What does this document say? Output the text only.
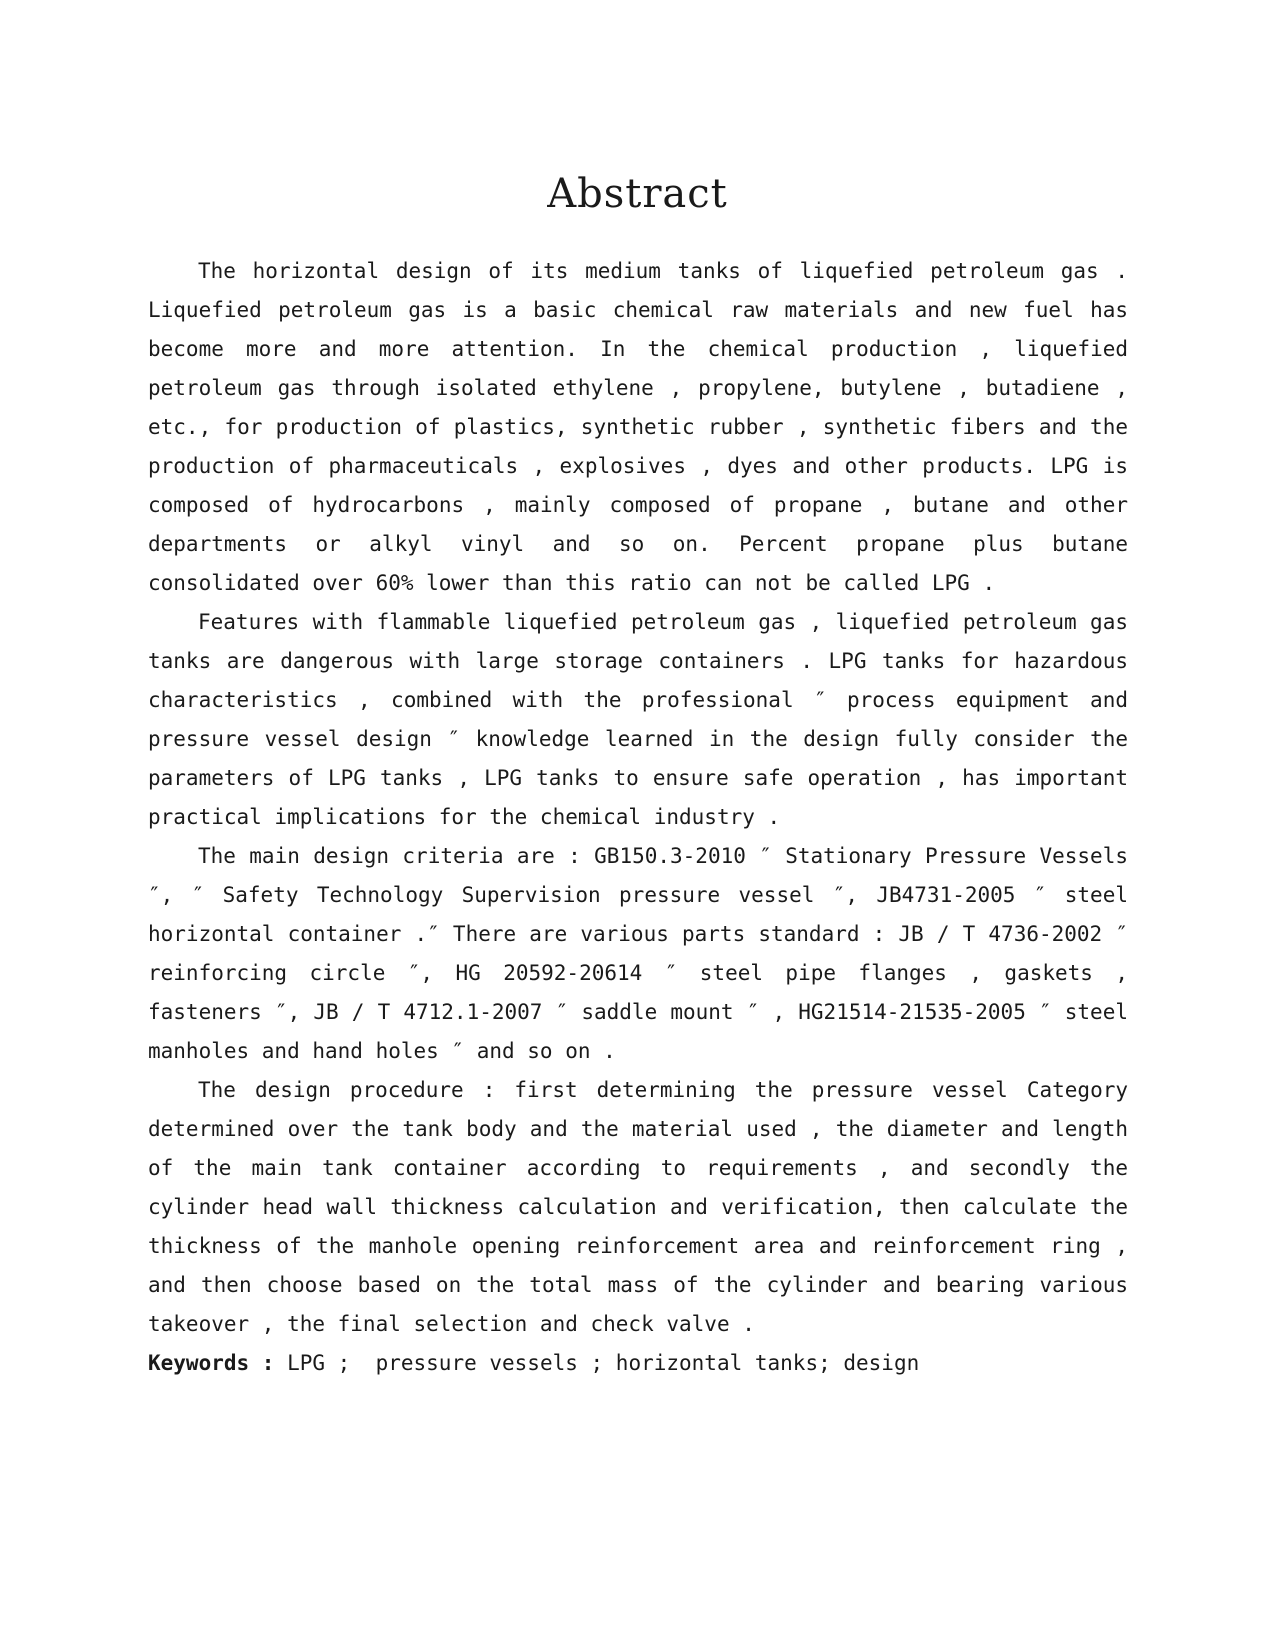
Abstract

The horizontal design of its medium tanks of liquefied petroleum gas . Liquefied petroleum gas is a basic chemical raw materials and new fuel has become more and more attention. In the chemical production , liquefied petroleum gas through isolated ethylene , propylene, butylene , butadiene , etc., for production of plastics, synthetic rubber , synthetic fibers and the production of pharmaceuticals , explosives , dyes and other products. LPG is composed of hydrocarbons , mainly composed of propane , butane and other departments or alkyl vinyl and so on. Percent propane plus butane consolidated over 60% lower than this ratio can not be called LPG .

Features with flammable liquefied petroleum gas , liquefied petroleum gas tanks are dangerous with large storage containers . LPG tanks for hazardous characteristics , combined with the professional ″ process equipment and pressure vessel design ″ knowledge learned in the design fully consider the parameters of LPG tanks , LPG tanks to ensure safe operation , has important practical implications for the chemical industry .

The main design criteria are : GB150.3-2010 ″ Stationary Pressure Vessels ″, ″ Safety Technology Supervision pressure vessel ″, JB4731-2005 ″ steel horizontal container .″ There are various parts standard : JB / T 4736-2002 ″ reinforcing circle ″, HG 20592-20614 ″ steel pipe flanges , gaskets , fasteners ″, JB / T 4712.1-2007 ″ saddle mount ″ , HG21514-21535-2005 ″ steel manholes and hand holes ″ and so on .

The design procedure : first determining the pressure vessel Category determined over the tank body and the material used , the diameter and length of the main tank container according to requirements , and secondly the cylinder head wall thickness calculation and verification, then calculate the thickness of the manhole opening reinforcement area and reinforcement ring , and then choose based on the total mass of the cylinder and bearing various takeover , the final selection and check valve .

Keywords : LPG ;  pressure vessels ; horizontal tanks; design
